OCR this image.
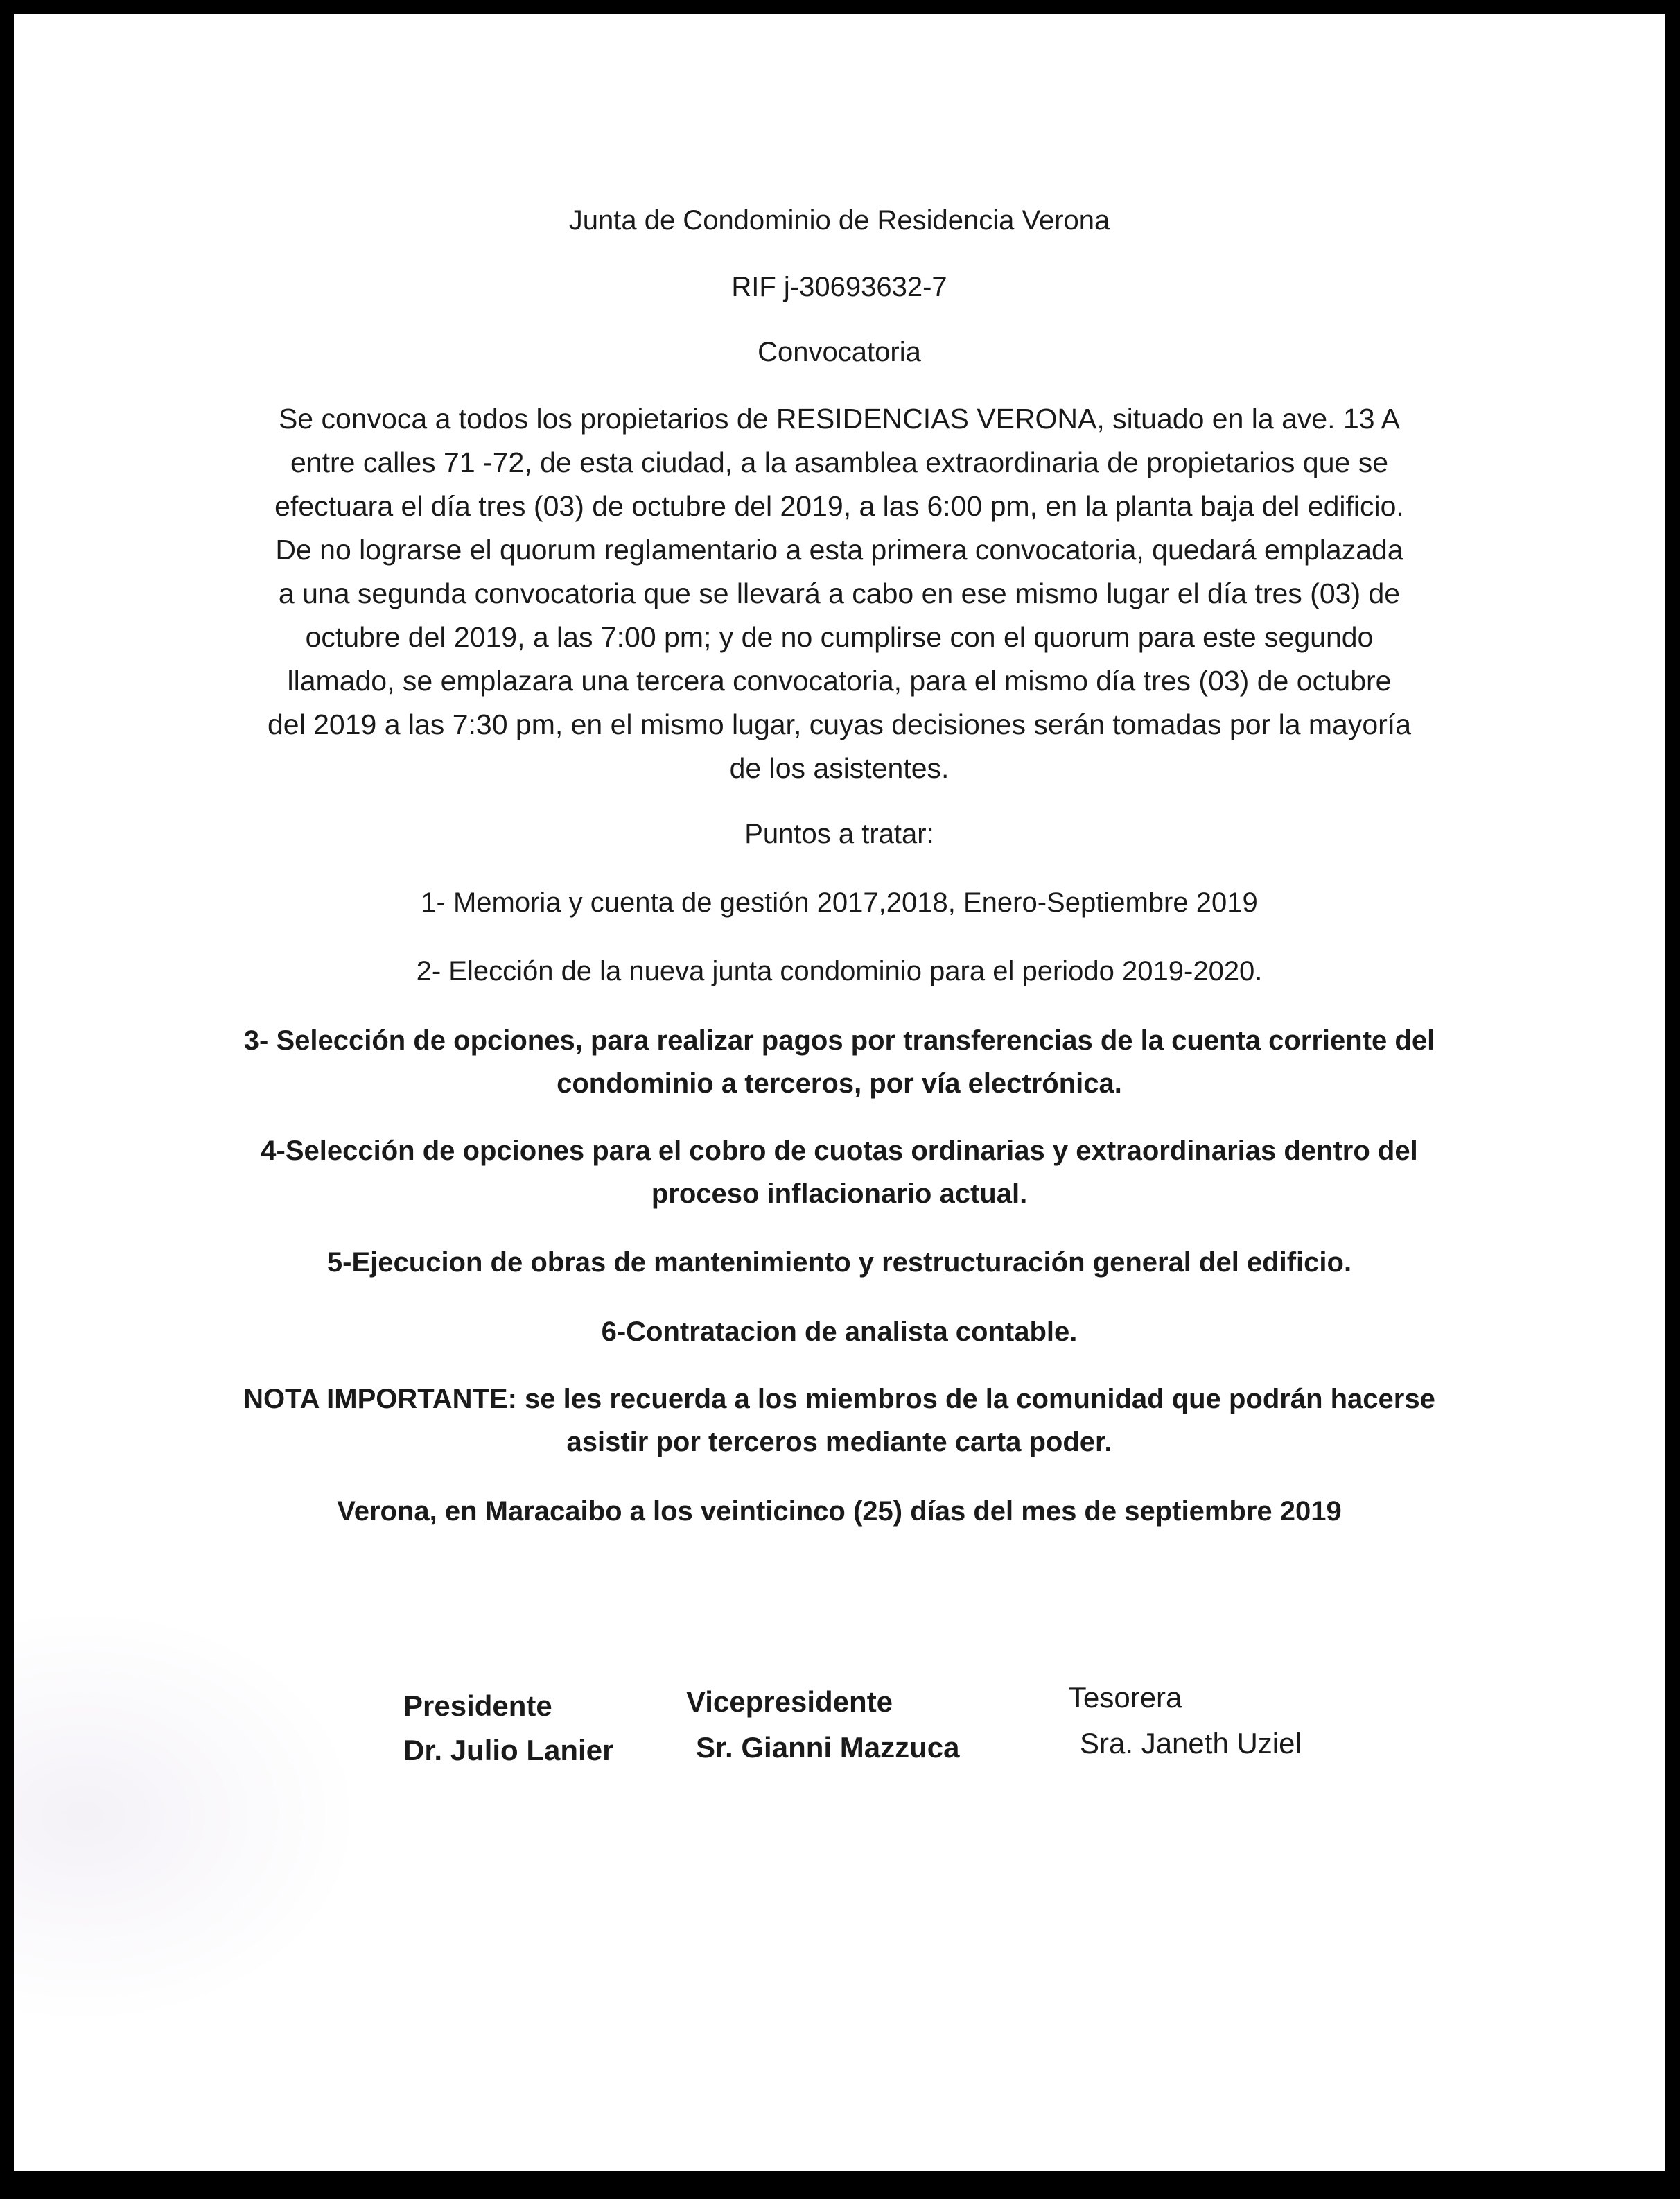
Junta de Condominio de Residencia Verona
RIF j-30693632-7
Convocatoria
Se convoca a todos los propietarios de RESIDENCIAS VERONA, situado en la ave. 13 A
entre calles 71 -72, de esta ciudad, a la asamblea extraordinaria de propietarios que se
efectuara el día tres (03) de octubre del 2019, a las 6:00 pm, en la planta baja del edificio.
De no lograrse el quorum reglamentario a esta primera convocatoria, quedará emplazada
a una segunda convocatoria que se llevará a cabo en ese mismo lugar el día tres (03) de
octubre del 2019, a las 7:00 pm; y de no cumplirse con el quorum para este segundo
llamado, se emplazara una tercera convocatoria, para el mismo día tres (03) de octubre
del 2019 a las 7:30 pm, en el mismo lugar, cuyas decisiones serán tomadas por la mayoría
de los asistentes.
Puntos a tratar:
1- Memoria y cuenta de gestión 2017,2018, Enero-Septiembre 2019
2- Elección de la nueva junta condominio para el periodo 2019-2020.
3- Selección de opciones, para realizar pagos por transferencias de la cuenta corriente del
condominio a terceros, por vía electrónica.
4-Selección de opciones para el cobro de cuotas ordinarias y extraordinarias dentro del
proceso inflacionario actual.
5-Ejecucion de obras de mantenimiento y restructuración general del edificio.
6-Contratacion de analista contable.
NOTA IMPORTANTE: se les recuerda a los miembros de la comunidad que podrán hacerse
asistir por terceros mediante carta poder.
Verona, en Maracaibo a los veinticinco (25) días del mes de septiembre 2019
Presidente
Dr. Julio Lanier
Vicepresidente
Sr. Gianni Mazzuca
Tesorera
Sra. Janeth Uziel
